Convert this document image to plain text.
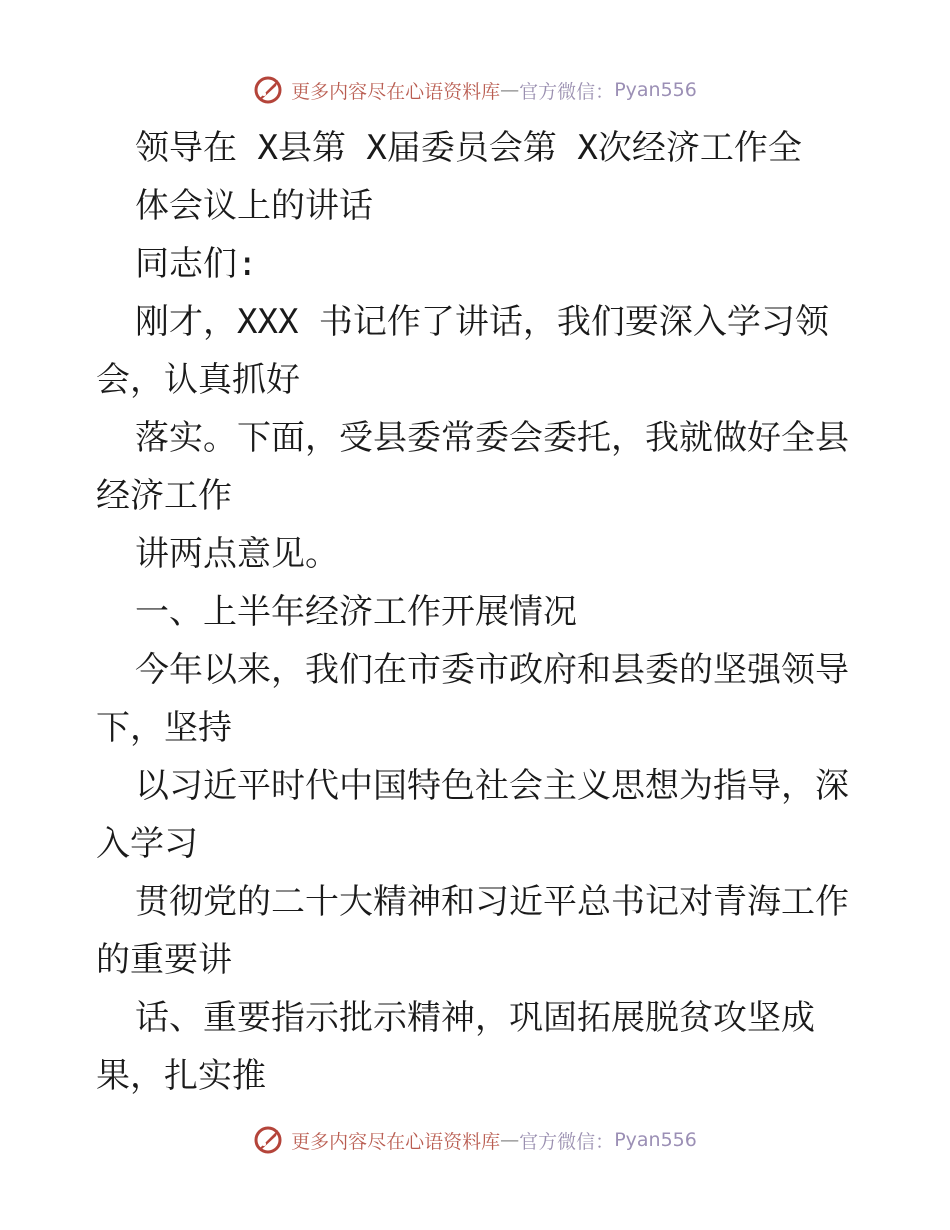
更多内容尽在心语资料库 — 官方微信： Pyan556
领导在 X县第 X届委员会第 X次经济工作全
体会议上的讲话
同志们:
刚才，XXX 书记作了讲话，我们要深入学习领
会，认真抓好
落实。下面，受县委常委会委托，我就做好全县
经济工作
讲两点意见。
一、上半年经济工作开展情况
今年以来，我们在市委市政府和县委的坚强领导
下，坚持
以习近平时代中国特色社会主义思想为指导，深
入学习
贯彻党的二十大精神和习近平总书记对青海工作
的重要讲
话、重要指示批示精神，巩固拓展脱贫攻坚成
果，扎实推
更多内容尽在心语资料库 — 官方微信： Pyan556
